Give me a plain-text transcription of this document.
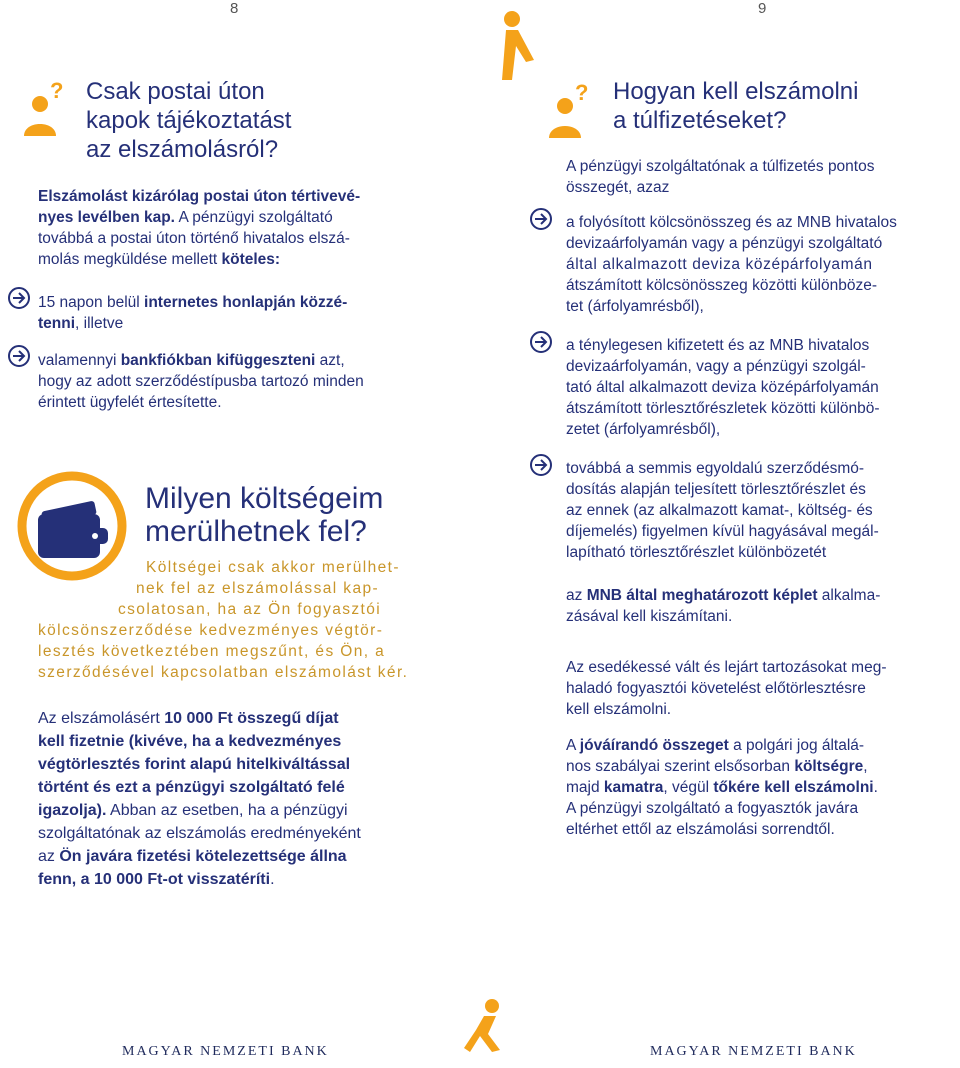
8
? Csak postai úton
kapok tájékoztatást
az elszámolásról?
Elszámolást kizárólag postai úton tértivevé-
nyes levélben kap. A pénzügyi szolgáltató
továbbá a postai úton történő hivatalos elszá-
molás megküldése mellett köteles:
15 napon belül internetes honlapján közzé-
tenni, illetve
valamennyi bankfiókban kifüggeszteni azt,
hogy az adott szerződéstípusba tartozó minden
érintett ügyfelét értesítette.
Milyen költségeim
merülhetnek fel?
Költségei csak akkor merülhet-
nek fel az elszámolással kap-
csolatosan, ha az Ön fogyasztói
kölcsönszerződése kedvezményes végtör-
lesztés következtében megszűnt, és Ön, a
szerződésével kapcsolatban elszámolást kér.
Az elszámolásért 10 000 Ft összegű díjat
kell fizetnie (kivéve, ha a kedvezményes
végtörlesztés forint alapú hitelkiváltással
történt és ezt a pénzügyi szolgáltató felé
igazolja). Abban az esetben, ha a pénzügyi
szolgáltatónak az elszámolás eredményeként
az Ön javára fizetési kötelezettsége állna
fenn, a 10 000 Ft-ot visszatéríti.
MAGYAR NEMZETI BANK
9
? Hogyan kell elszámolni
a túlfizetéseket?
A pénzügyi szolgáltatónak a túlfizetés pontos
összegét, azaz
a folyósított kölcsönösszeg és az MNB hivatalos
devizaárfolyamán vagy a pénzügyi szolgáltató
által alkalmazott deviza középárfolyamán
átszámított kölcsönösszeg közötti különbözе-
tet (árfolyamrésből),
a ténylegesen kifizetett és az MNB hivatalos
devizaárfolyamán, vagy a pénzügyi szolgál-
tató által alkalmazott deviza középárfolyamán
átszámított törlesztőrészletek közötti különbö-
zetet (árfolyamrésből),
továbbá a semmis egyoldalú szerződésmó-
dosítás alapján teljesített törlesztőrészlet és
az ennek (az alkalmazott kamat-, költség- és
díjemelés) figyelmen kívül hagyásával megál-
lapítható törlesztőrészlet különbözetét
az MNB által meghatározott képlet alkalma-
zásával kell kiszámítani.
Az esedékessé vált és lejárt tartozásokat meg-
haladó fogyasztói követelést előtörlesztésre
kell elszámolni.
A jóváírandó összeget a polgári jog általá-
nos szabályai szerint elsősorban költségre,
majd kamatra, végül tőkére kell elszámolni.
A pénzügyi szolgáltató a fogyasztók javára
eltérhet ettől az elszámolási sorrendtől.
MAGYAR NEMZETI BANK
